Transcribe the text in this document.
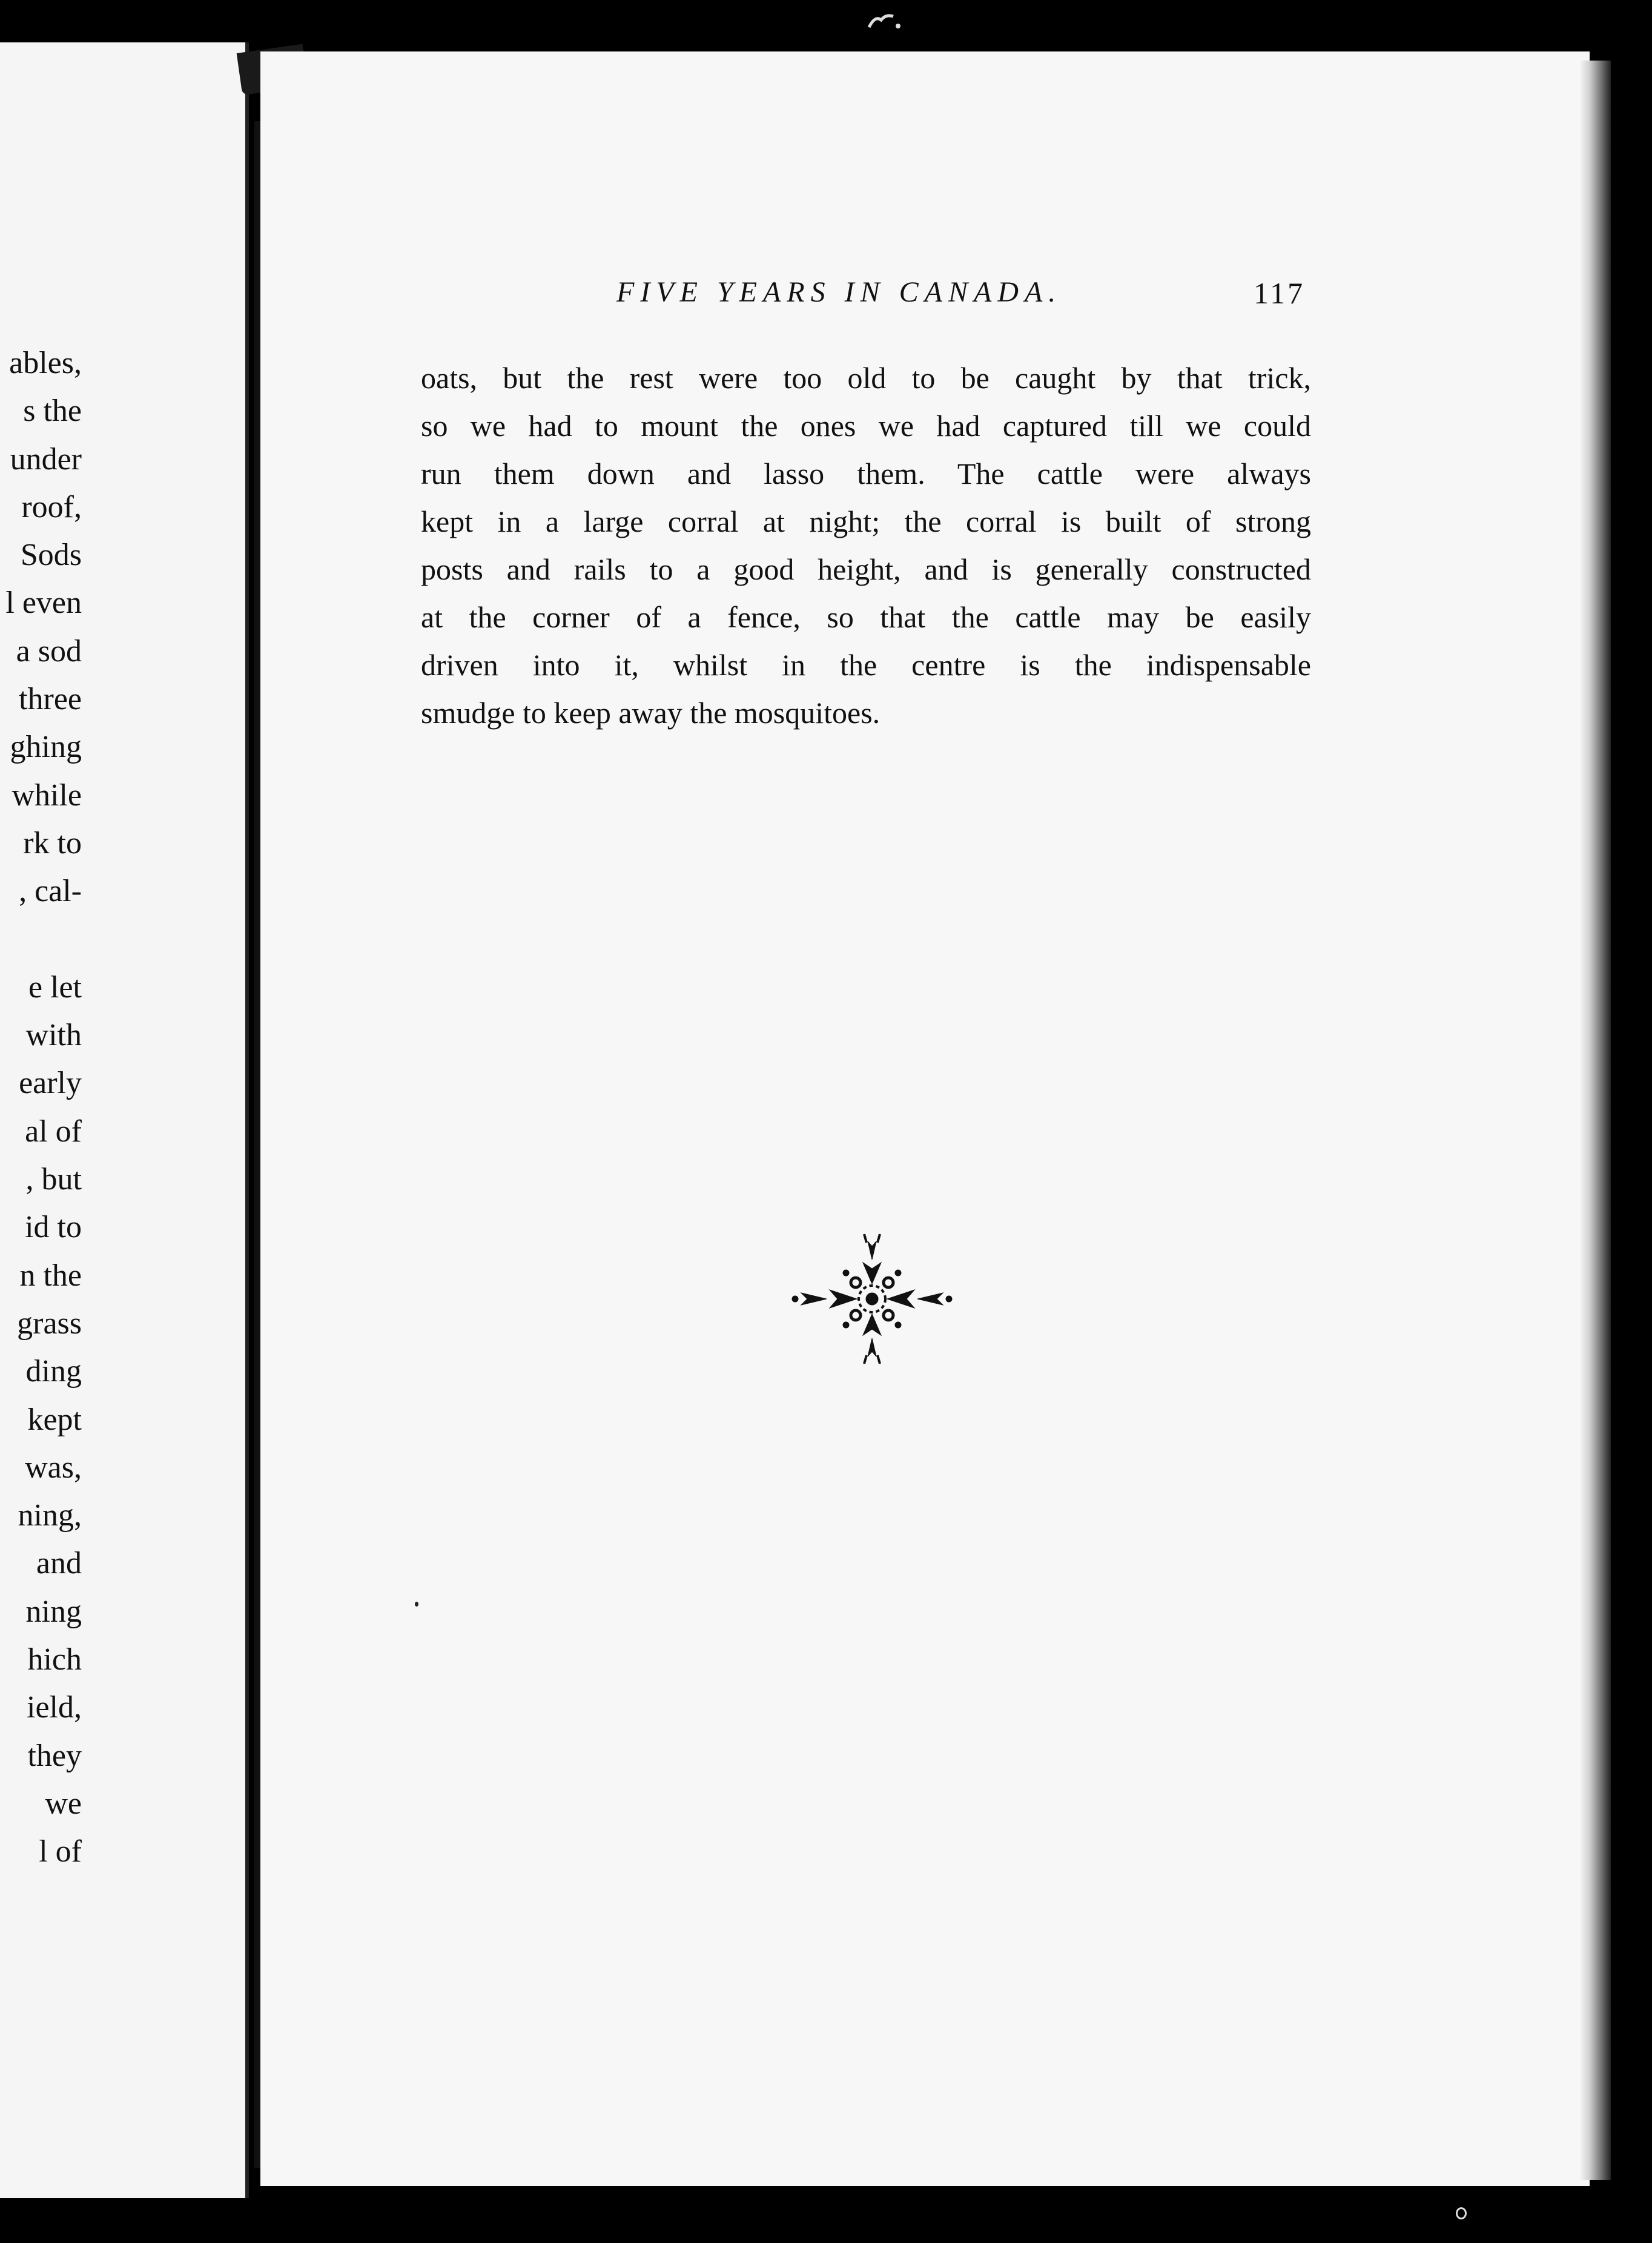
ables,
s the
under
roof,
Sods
l even
a sod
three
ghing
while
rk to
, cal-
e let
with
early
al of
, but
id to
n the
grass
ding
kept
was,
ning,
and
ning
hich
ield,
they
we
l of
FIVE YEARS IN CANADA.	117
oats, but the rest were too old to be caught by that trick,
so we had to mount the ones we had captured till we could
run them down and lasso them. The cattle were always
kept in a large corral at night; the corral is built of strong
posts and rails to a good height, and is generally constructed
at the corner of a fence, so that the cattle may be easily
driven into it, whilst in the centre is the indispensable
smudge to keep away the mosquitoes.
